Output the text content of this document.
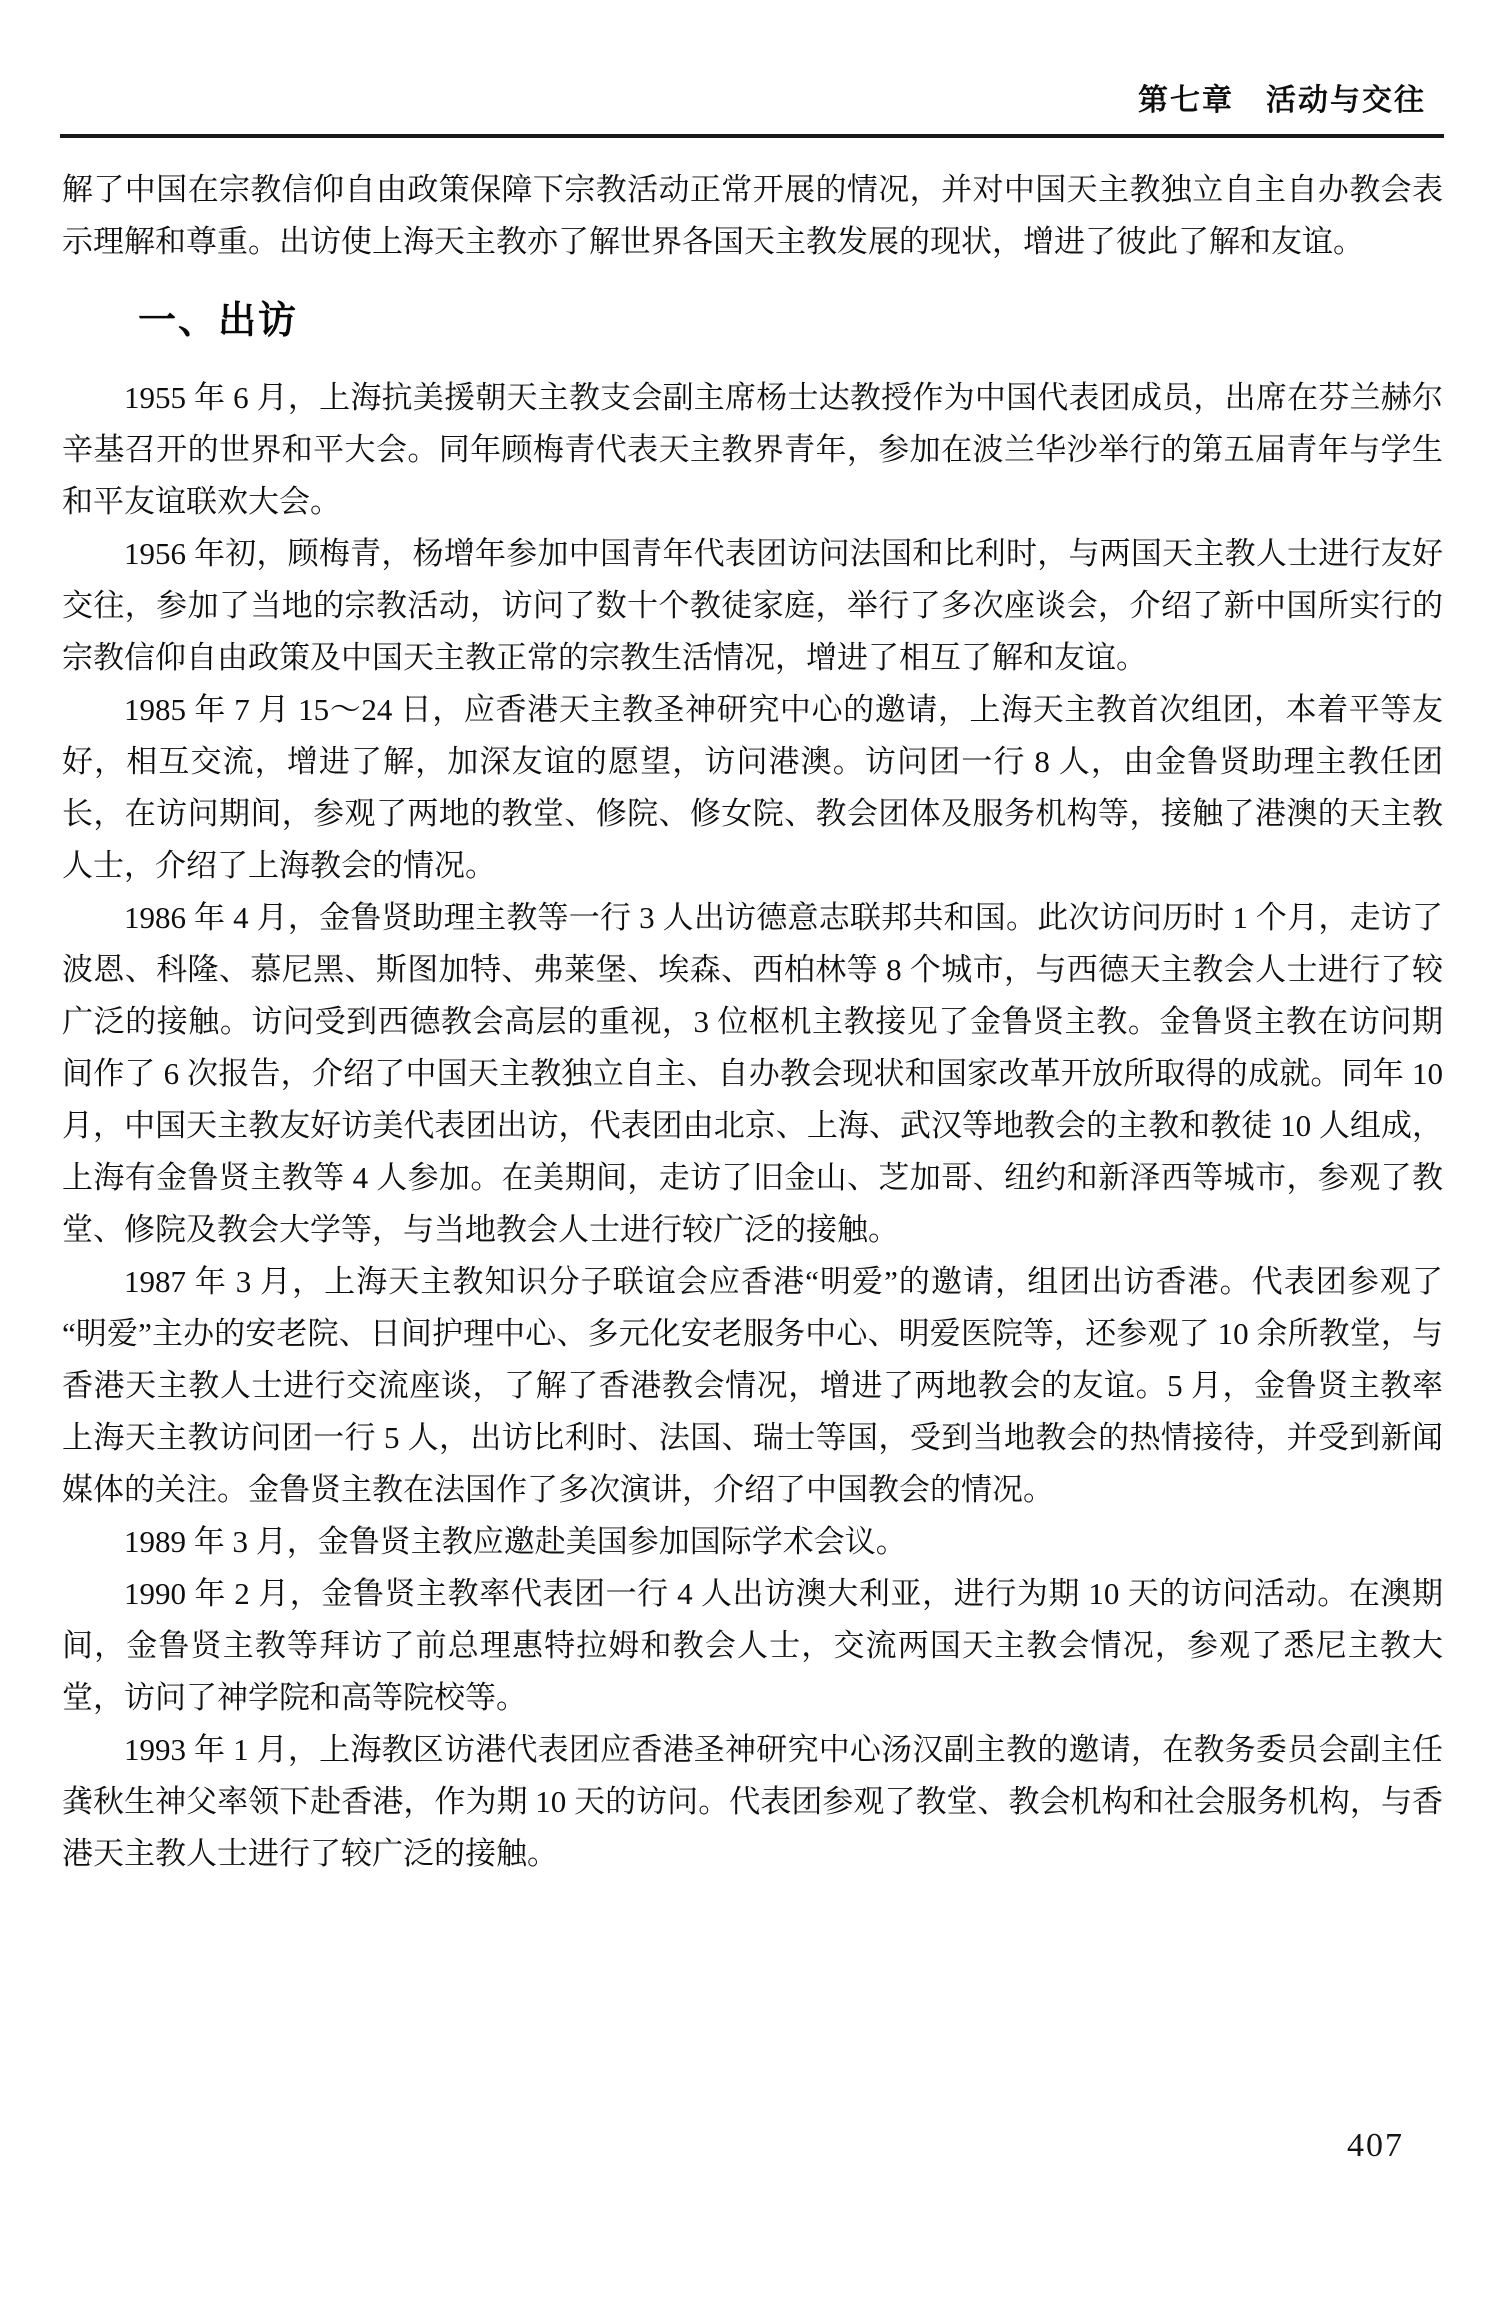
第七章　活动与交往

解了中国在宗教信仰自由政策保障下宗教活动正常开展的情况，并对中国天主教独立自主自办教会表示理解和尊重。出访使上海天主教亦了解世界各国天主教发展的现状，增进了彼此了解和友谊。

一、出访

1955 年 6 月，上海抗美援朝天主教支会副主席杨士达教授作为中国代表团成员，出席在芬兰赫尔辛基召开的世界和平大会。同年顾梅青代表天主教界青年，参加在波兰华沙举行的第五届青年与学生和平友谊联欢大会。

1956 年初，顾梅青，杨增年参加中国青年代表团访问法国和比利时，与两国天主教人士进行友好交往，参加了当地的宗教活动，访问了数十个教徒家庭，举行了多次座谈会，介绍了新中国所实行的宗教信仰自由政策及中国天主教正常的宗教生活情况，增进了相互了解和友谊。

1985 年 7 月 15～24 日，应香港天主教圣神研究中心的邀请，上海天主教首次组团，本着平等友好，相互交流，增进了解，加深友谊的愿望，访问港澳。访问团一行 8 人，由金鲁贤助理主教任团长，在访问期间，参观了两地的教堂、修院、修女院、教会团体及服务机构等，接触了港澳的天主教人士，介绍了上海教会的情况。

1986 年 4 月，金鲁贤助理主教等一行 3 人出访德意志联邦共和国。此次访问历时 1 个月，走访了波恩、科隆、慕尼黑、斯图加特、弗莱堡、埃森、西柏林等 8 个城市，与西德天主教会人士进行了较广泛的接触。访问受到西德教会高层的重视，3 位枢机主教接见了金鲁贤主教。金鲁贤主教在访问期间作了 6 次报告，介绍了中国天主教独立自主、自办教会现状和国家改革开放所取得的成就。同年 10 月，中国天主教友好访美代表团出访，代表团由北京、上海、武汉等地教会的主教和教徒 10 人组成，上海有金鲁贤主教等 4 人参加。在美期间，走访了旧金山、芝加哥、纽约和新泽西等城市，参观了教堂、修院及教会大学等，与当地教会人士进行较广泛的接触。

1987 年 3 月，上海天主教知识分子联谊会应香港“明爱”的邀请，组团出访香港。代表团参观了“明爱”主办的安老院、日间护理中心、多元化安老服务中心、明爱医院等，还参观了 10 余所教堂，与香港天主教人士进行交流座谈，了解了香港教会情况，增进了两地教会的友谊。5 月，金鲁贤主教率上海天主教访问团一行 5 人，出访比利时、法国、瑞士等国，受到当地教会的热情接待，并受到新闻媒体的关注。金鲁贤主教在法国作了多次演讲，介绍了中国教会的情况。

1989 年 3 月，金鲁贤主教应邀赴美国参加国际学术会议。

1990 年 2 月，金鲁贤主教率代表团一行 4 人出访澳大利亚，进行为期 10 天的访问活动。在澳期间，金鲁贤主教等拜访了前总理惠特拉姆和教会人士，交流两国天主教会情况，参观了悉尼主教大堂，访问了神学院和高等院校等。

1993 年 1 月，上海教区访港代表团应香港圣神研究中心汤汉副主教的邀请，在教务委员会副主任龚秋生神父率领下赴香港，作为期 10 天的访问。代表团参观了教堂、教会机构和社会服务机构，与香港天主教人士进行了较广泛的接触。

407
